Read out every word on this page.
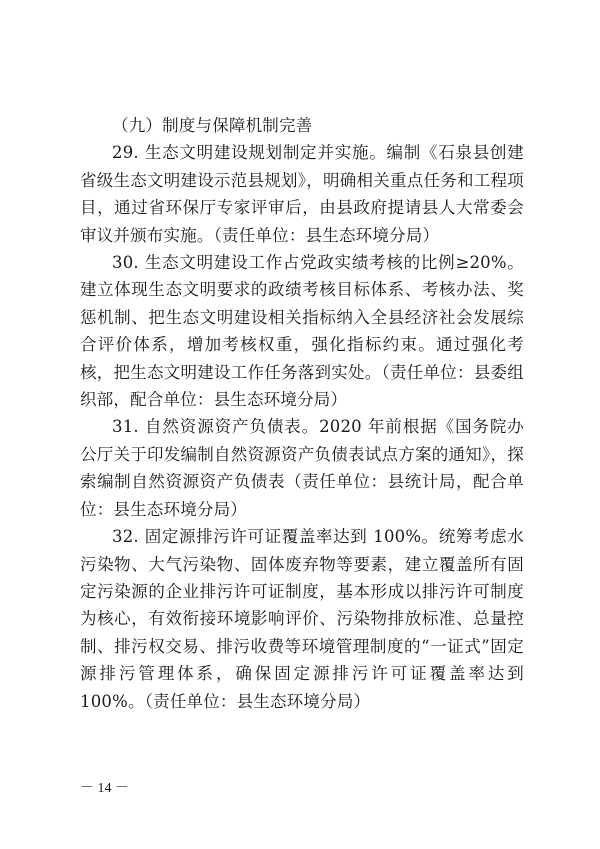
（九）制度与保障机制完善

29. 生态文明建设规划制定并实施。编制《石泉县创建省级生态文明建设示范县规划》，明确相关重点任务和工程项目，通过省环保厅专家评审后，由县政府提请县人大常委会审议并颁布实施。（责任单位：县生态环境分局）

30. 生态文明建设工作占党政实绩考核的比例≥20%。建立体现生态文明要求的政绩考核目标体系、考核办法、奖惩机制、把生态文明建设相关指标纳入全县经济社会发展综合评价体系，增加考核权重，强化指标约束。通过强化考核，把生态文明建设工作任务落到实处。（责任单位：县委组织部，配合单位：县生态环境分局）

31. 自然资源资产负债表。2020 年前根据《国务院办公厅关于印发编制自然资源资产负债表试点方案的通知》，探索编制自然资源资产负债表（责任单位：县统计局，配合单位：县生态环境分局）

32. 固定源排污许可证覆盖率达到 100%。统筹考虑水污染物、大气污染物、固体废弃物等要素，建立覆盖所有固定污染源的企业排污许可证制度，基本形成以排污许可制度为核心，有效衔接环境影响评价、污染物排放标准、总量控制、排污权交易、排污收费等环境管理制度的“一证式”固定源排污管理体系，确保固定源排污许可证覆盖率达到100%。（责任单位：县生态环境分局）

－ 14 －
